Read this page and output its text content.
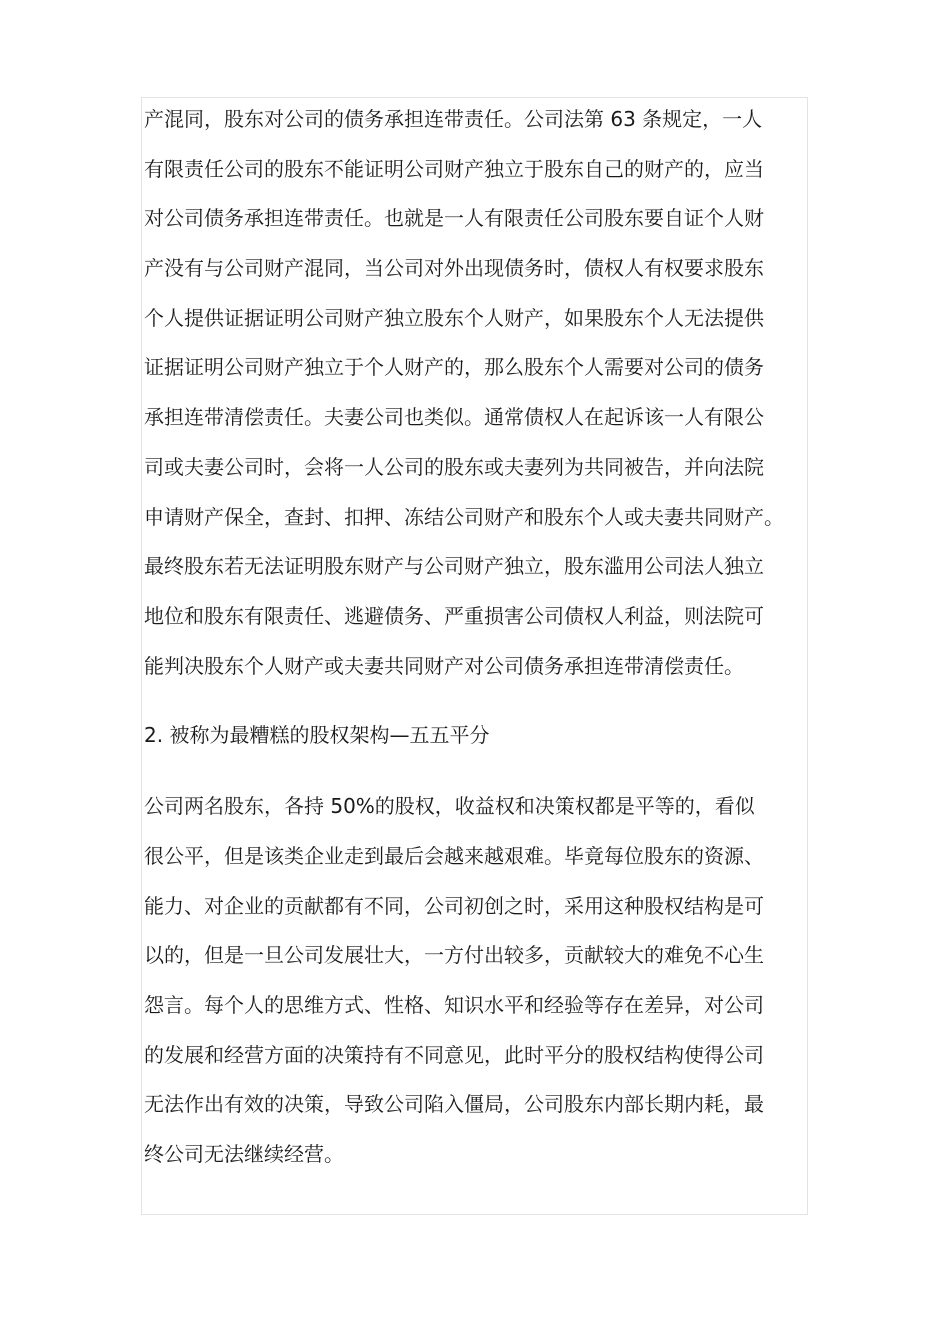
产混同，股东对公司的债务承担连带责任。公司法第 63 条规定，一人

有限责任公司的股东不能证明公司财产独立于股东自己的财产的，应当

对公司债务承担连带责任。也就是一人有限责任公司股东要自证个人财

产没有与公司财产混同，当公司对外出现债务时，债权人有权要求股东

个人提供证据证明公司财产独立股东个人财产，如果股东个人无法提供

证据证明公司财产独立于个人财产的，那么股东个人需要对公司的债务

承担连带清偿责任。夫妻公司也类似。通常债权人在起诉该一人有限公

司或夫妻公司时，会将一人公司的股东或夫妻列为共同被告，并向法院

申请财产保全，查封、扣押、冻结公司财产和股东个人或夫妻共同财产。

最终股东若无法证明股东财产与公司财产独立，股东滥用公司法人独立

地位和股东有限责任、逃避债务、严重损害公司债权人利益，则法院可

能判决股东个人财产或夫妻共同财产对公司债务承担连带清偿责任。

2. 被称为最糟糕的股权架构—五五平分

公司两名股东，各持 50%的股权，收益权和决策权都是平等的，看似

很公平，但是该类企业走到最后会越来越艰难。毕竟每位股东的资源、

能力、对企业的贡献都有不同，公司初创之时，采用这种股权结构是可

以的，但是一旦公司发展壮大，一方付出较多，贡献较大的难免不心生

怨言。每个人的思维方式、性格、知识水平和经验等存在差异，对公司

的发展和经营方面的决策持有不同意见，此时平分的股权结构使得公司

无法作出有效的决策，导致公司陷入僵局，公司股东内部长期内耗，最

终公司无法继续经营。
